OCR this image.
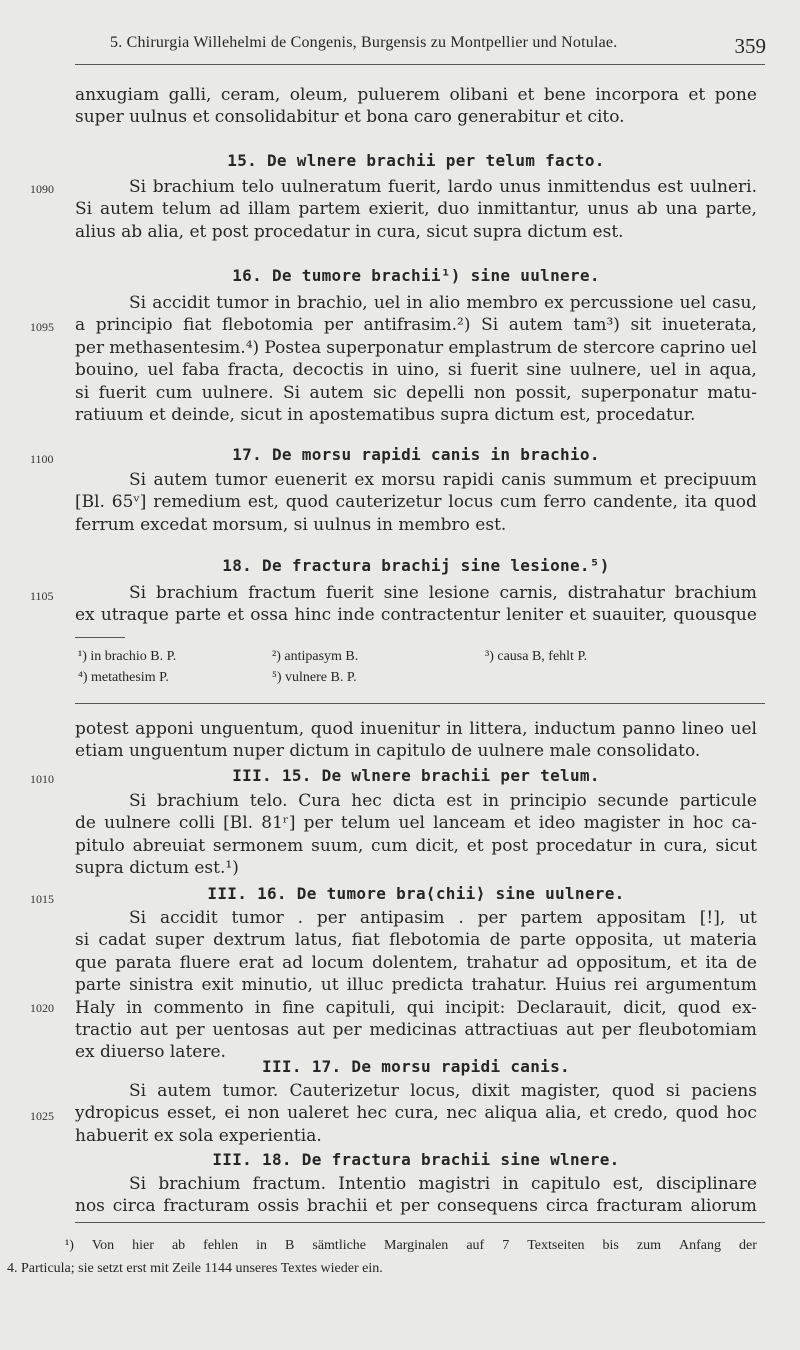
5. Chirurgia Willehelmi de Congenis, Burgensis zu Montpellier und Notulae.	359
anxugiam galli, ceram, oleum, puluerem olibani et bene incorpora et pone
super uulnus et consolidabitur et bona caro generabitur et cito.
15. De wlnere brachii per telum facto.
1090	Si brachium telo uulneratum fuerit, lardo unus inmittendus est uulneri.
Si autem telum ad illam partem exierit, duo inmittantur, unus ab una parte,
alius ab alia, et post procedatur in cura, sicut supra dictum est.
16. De tumore brachii¹) sine uulnere.
1095
Si accidit tumor in brachio, uel in alio membro ex percussione uel casu,
a principio fiat flebotomia per antifrasim.²) Si autem tam³) sit inueterata,
per methasentesim.⁴) Postea superponatur emplastrum de stercore caprino uel
bouino, uel faba fracta, decoctis in uino, si fuerit sine uulnere, uel in aqua,
si fuerit cum uulnere. Si autem sic depelli non possit, superponatur matu-
ratiuum et deinde, sicut in apostematibus supra dictum est, procedatur.
1100	17. De morsu rapidi canis in brachio.
Si autem tumor euenerit ex morsu rapidi canis summum et precipuum
[Bl. 65ᵛ] remedium est, quod cauterizetur locus cum ferro candente, ita quod
ferrum excedat morsum, si uulnus in membro est.
18. De fractura brachij sine lesione.⁵)
1105	Si brachium fractum fuerit sine lesione carnis, distrahatur brachium
ex utraque parte et ossa hinc inde contractentur leniter et suauiter, quousque
¹) in brachio B. P.	²) antipasym B.	³) causa B, fehlt P.
⁴) metathesim P.	⁵) vulnere B. P.
potest apponi unguentum, quod inuenitur in littera, inductum panno lineo uel
etiam unguentum nuper dictum in capitulo de uulnere male consolidato.
1010	III. 15. De wlnere brachii per telum.
Si brachium telo. Cura hec dicta est in principio secunde particule
de uulnere colli [Bl. 81ʳ] per telum uel lanceam et ideo magister in hoc ca-
pitulo abreuiat sermonem suum, cum dicit, et post procedatur in cura, sicut
supra dictum est.¹)
1015	III. 16. De tumore bra⟨chii⟩ sine uulnere.
Si accidit tumor . per antipasim . per partem appositam [!], ut
si cadat super dextrum latus, fiat flebotomia de parte opposita, ut materia
que parata fluere erat ad locum dolentem, trahatur ad oppositum, et ita de
parte sinistra exit minutio, ut illuc predicta trahatur. Huius rei argumentum
Haly in commento in fine capituli, qui incipit: Declarauit, dicit, quod ex-
tractio aut per uentosas aut per medicinas attractiuas aut per fleubotomiam
ex diuerso latere.
1020
III. 17. De morsu rapidi canis.
Si autem tumor. Cauterizetur locus, dixit magister, quod si paciens
ydropicus esset, ei non ualeret hec cura, nec aliqua alia, et credo, quod hoc
habuerit ex sola experientia.
1025
III. 18. De fractura brachii sine wlnere.
Si brachium fractum. Intentio magistri in capitulo est, disciplinare
nos circa fracturam ossis brachii et per consequens circa fracturam aliorum
¹) Von hier ab fehlen in B sämtliche Marginalen auf 7 Textseiten bis zum Anfang der
4. Particula; sie setzt erst mit Zeile 1144 unseres Textes wieder ein.
